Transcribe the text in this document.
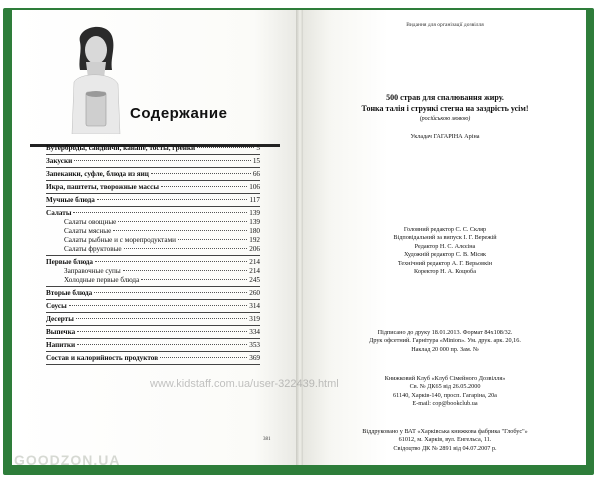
Содержание
Бутерброды, сандвичи, канапе, тосты, гренки	5
Закуски	15
Запеканки, суфле, блюда из яиц	66
Икра, паштеты, творожные массы	106
Мучные блюда	117
Салаты	139
Салаты овощные	139
Салаты мясные	180
Салаты рыбные и с морепродуктами	192
Салаты фруктовые	206
Первые блюда	214
Заправочные супы	214
Холодные первые блюда	245
Вторые блюда	260
Соусы	314
Десерты	319
Выпечка	334
Напитки	353
Состав и калорийность продуктов	369
381
GOODZON.UA
Видання для організації дозвілля
500 страв для спалювання жиру.
Тонка талія і стрункі стегна на заздрість усім!
(російською мовою)
Укладач ГАГАРІНА Аріна
Головний редактор С. С. Скляр
Відповідальний за випуск І. Г. Вережій
Редактор Н. С. Алєєіна
Художній редактор С. В. Місяк
Технічний редактор А. Г. Верьовкін
Коректор Н. А. Коцюба
Підписано до друку 18.01.2013. Формат 84х108/32.
Друк офсетний. Гарнітура «Minion». Ум. друк. арк. 20,16.
Наклад 20 000 пр. Зам. №
Книжковий Клуб «Клуб Сімейного Дозвілля»
Св. № ДК65 від 26.05.2000
61140, Харків-140, просп. Гагаріна, 20а
E-mail: cop@bookclub.ua
Віддруковано у ВАТ «Харківська книжкова фабрика "Глобус"»
61012, м. Харків, вул. Енгельса, 11.
Свідоцтво ДК № 2891 від 04.07.2007 р.
www.kidstaff.com.ua/user-322439.html
